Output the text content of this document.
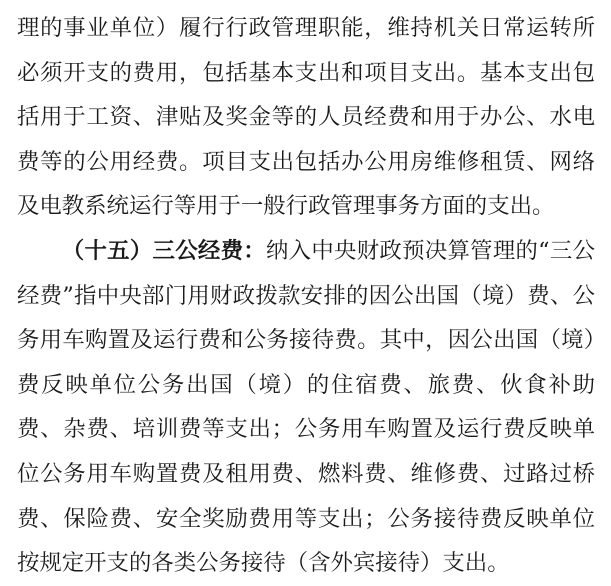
理的事业单位）履行行政管理职能，维持机关日常运转所必须开支的费用，包括基本支出和项目支出。基本支出包括用于工资、津贴及奖金等的人员经费和用于办公、水电费等的公用经费。项目支出包括办公用房维修租赁、网络及电教系统运行等用于一般行政管理事务方面的支出。

（十五）三公经费：纳入中央财政预决算管理的“三公经费”指中央部门用财政拨款安排的因公出国（境）费、公务用车购置及运行费和公务接待费。其中，因公出国（境）费反映单位公务出国（境）的住宿费、旅费、伙食补助费、杂费、培训费等支出；公务用车购置及运行费反映单位公务用车购置费及租用费、燃料费、维修费、过路过桥费、保险费、安全奖励费用等支出；公务接待费反映单位按规定开支的各类公务接待（含外宾接待）支出。
